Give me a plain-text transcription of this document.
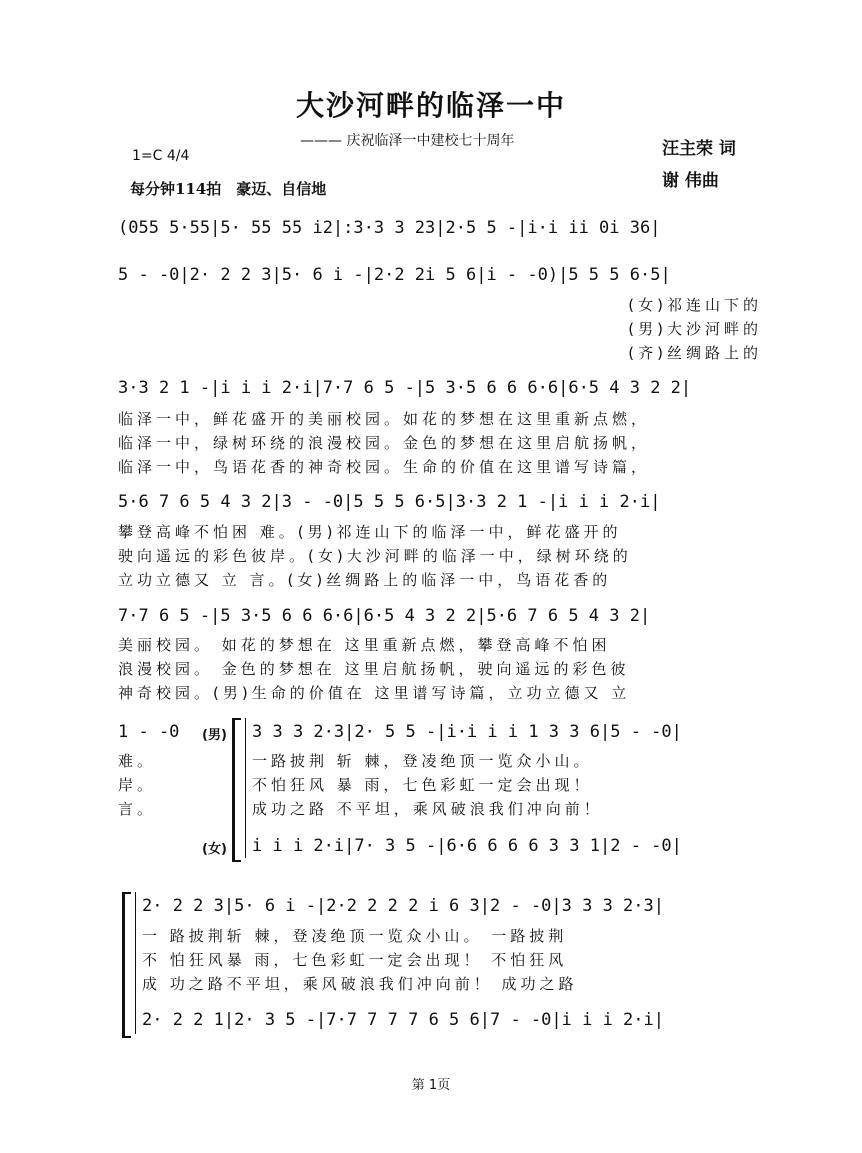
大沙河畔的临泽一中
——— 庆祝临泽一中建校七十周年
1=C 4/4
每分钟114拍　豪迈、自信地
汪主荣 词
谢 伟曲
(055 5·55|5· 55 55 i2|:3·3 3 23|2·5 5 -|i·i ii 0i 36|
5 - -0|2· 2 2 3|5· 6 i -|2·2 2i 5 6|i - -0)|5 5 5 6·5|
(女)祁连山下的
(男)大沙河畔的
(齐)丝绸路上的
3·3 2 1 -|i i i 2·i|7·7 6 5 -|5 3·5 6 6 6·6|6·5 4 3 2 2|
临泽一中，鲜花盛开的美丽校园。如花的梦想在这里重新点燃，
临泽一中，绿树环绕的浪漫校园。金色的梦想在这里启航扬帆，
临泽一中，鸟语花香的神奇校园。生命的价值在这里谱写诗篇，
5·6 7 6 5 4 3 2|3 - -0|5 5 5 6·5|3·3 2 1 -|i i i 2·i|
攀登高峰不怕困 难。(男)祁连山下的临泽一中，鲜花盛开的
驶向遥远的彩色彼岸。(女)大沙河畔的临泽一中，绿树环绕的
立功立德又 立 言。(女)丝绸路上的临泽一中，鸟语花香的
7·7 6 5 -|5 3·5 6 6 6·6|6·5 4 3 2 2|5·6 7 6 5 4 3 2|
美丽校园。 如花的梦想在 这里重新点燃，攀登高峰不怕困
浪漫校园。 金色的梦想在 这里启航扬帆，驶向遥远的彩色彼
神奇校园。(男)生命的价值在 这里谱写诗篇，立功立德又 立
1 - -0	(男) 3 3 3 2·3|2· 5 5 -|i·i i i 1 3 3 6|5 - -0|
难。
岸。
言。
一路披荆 斩 棘，登凌绝顶一览众小山。
不怕狂风 暴 雨，七色彩虹一定会出现！
成功之路 不平坦，乘风破浪我们冲向前！
(女) i i i 2·i|7· 3 5 -|6·6 6 6 6 3 3 1|2 - -0|
2· 2 2 3|5· 6 i -|2·2 2 2 2 i 6 3|2 - -0|3 3 3 2·3|
一 路披荆斩 棘，登凌绝顶一览众小山。 一路披荆
不 怕狂风暴 雨，七色彩虹一定会出现！ 不怕狂风
成 功之路不平坦，乘风破浪我们冲向前！ 成功之路
2· 2 2 1|2· 3 5 -|7·7 7 7 7 6 5 6|7 - -0|i i i 2·i|
第 1页
